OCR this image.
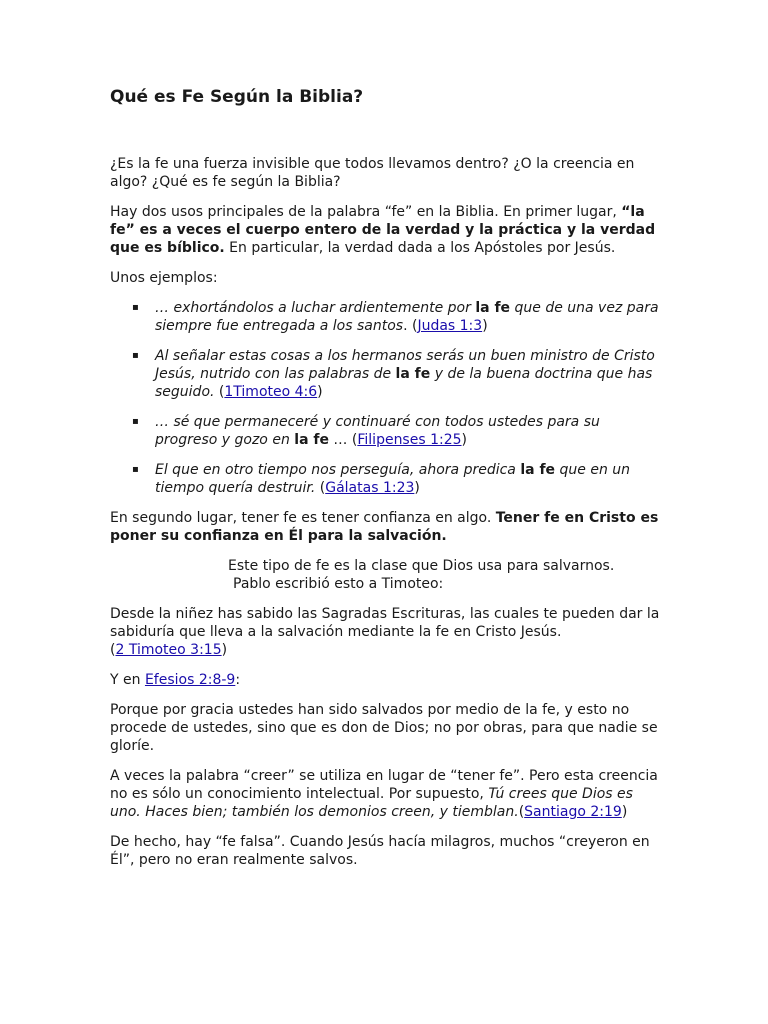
Qué es Fe Según la Biblia?

¿Es la fe una fuerza invisible que todos llevamos dentro? ¿O la creencia en algo? ¿Qué es fe según la Biblia?

Hay dos usos principales de la palabra “fe” en la Biblia. En primer lugar, “la fe” es a veces el cuerpo entero de la verdad y la práctica y la verdad que es bíblico. En particular, la verdad dada a los Apóstoles por Jesús.

Unos ejemplos:

▪ … exhortándolos a luchar ardientemente por la fe que de una vez para siempre fue entregada a los santos. (Judas 1:3)
▪ Al señalar estas cosas a los hermanos serás un buen ministro de Cristo Jesús, nutrido con las palabras de la fe y de la buena doctrina que has seguido. (1Timoteo 4:6)
▪ … sé que permaneceré y continuaré con todos ustedes para su progreso y gozo en la fe … (Filipenses 1:25)
▪ El que en otro tiempo nos perseguía, ahora predica la fe que en un tiempo quería destruir. (Gálatas 1:23)

En segundo lugar, tener fe es tener confianza en algo. Tener fe en Cristo es poner su confianza en Él para la salvación.

Este tipo de fe es la clase que Dios usa para salvarnos.
Pablo escribió esto a Timoteo:

Desde la niñez has sabido las Sagradas Escrituras, las cuales te pueden dar la sabiduría que lleva a la salvación mediante la fe en Cristo Jesús.
(2 Timoteo 3:15)

Y en Efesios 2:8-9:

Porque por gracia ustedes han sido salvados por medio de la fe, y esto no procede de ustedes, sino que es don de Dios; no por obras, para que nadie se gloríe.

A veces la palabra “creer” se utiliza en lugar de “tener fe”. Pero esta creencia no es sólo un conocimiento intelectual. Por supuesto, Tú crees que Dios es uno. Haces bien; también los demonios creen, y tiemblan.(Santiago 2:19)

De hecho, hay “fe falsa”. Cuando Jesús hacía milagros, muchos “creyeron en Él”, pero no eran realmente salvos.
